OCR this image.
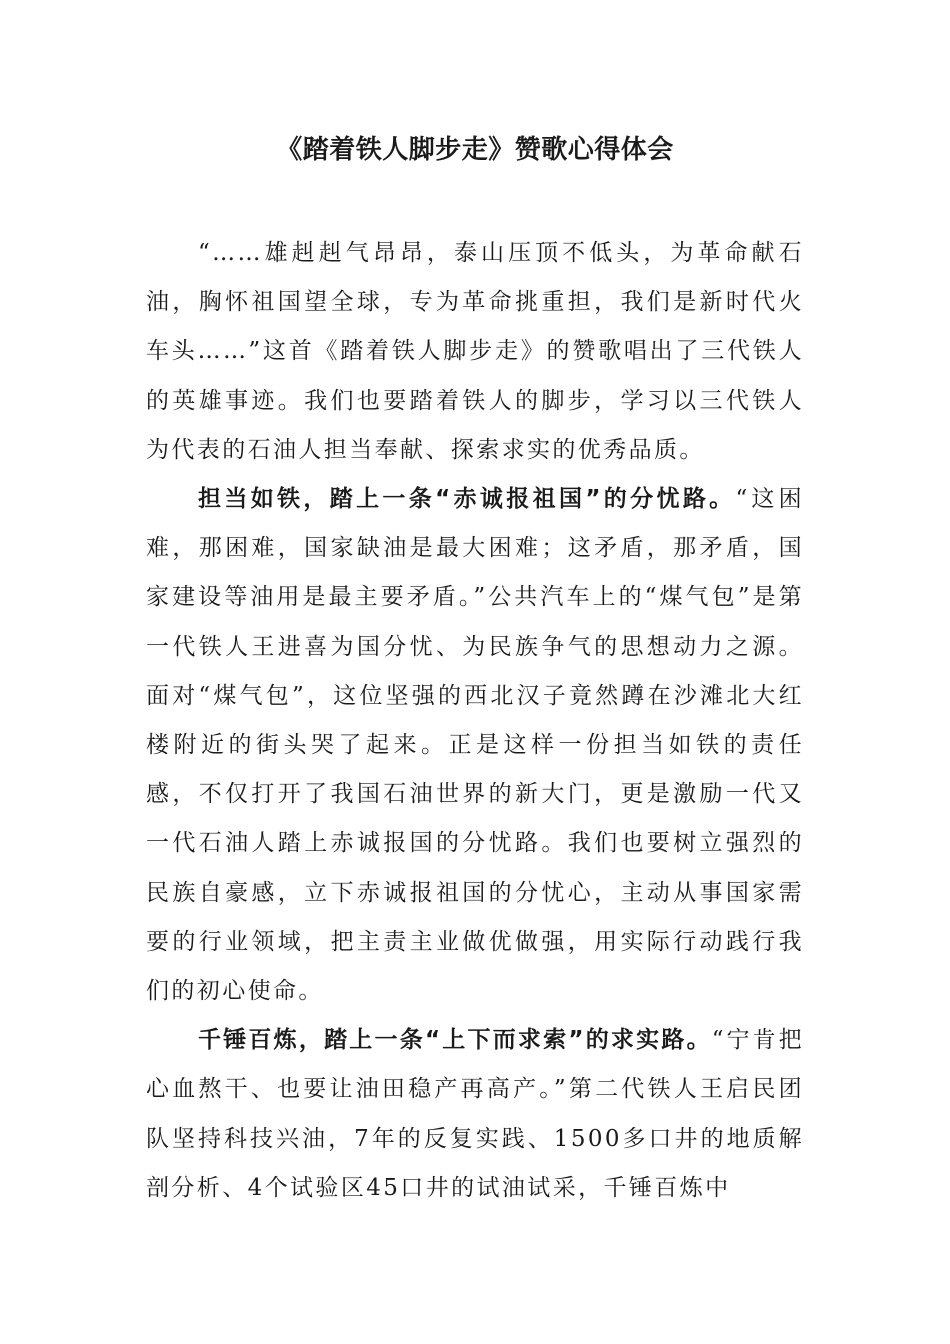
《踏着铁人脚步走》赞歌心得体会

“……雄赳赳气昂昂，泰山压顶不低头，为革命献石油，胸怀祖国望全球，专为革命挑重担，我们是新时代火车头……”这首《踏着铁人脚步走》的赞歌唱出了三代铁人的英雄事迹。我们也要踏着铁人的脚步，学习以三代铁人为代表的石油人担当奉献、探索求实的优秀品质。

担当如铁，踏上一条“赤诚报祖国”的分忧路。“这困难，那困难，国家缺油是最大困难；这矛盾，那矛盾，国家建设等油用是最主要矛盾。”公共汽车上的“煤气包”是第一代铁人王进喜为国分忧、为民族争气的思想动力之源。面对“煤气包”，这位坚强的西北汉子竟然蹲在沙滩北大红楼附近的街头哭了起来。正是这样一份担当如铁的责任感，不仅打开了我国石油世界的新大门，更是激励一代又一代石油人踏上赤诚报国的分忧路。我们也要树立强烈的民族自豪感，立下赤诚报祖国的分忧心，主动从事国家需要的行业领域，把主责主业做优做强，用实际行动践行我们的初心使命。

千锤百炼，踏上一条“上下而求索”的求实路。“宁肯把心血熬干、也要让油田稳产再高产。”第二代铁人王启民团队坚持科技兴油，7年的反复实践、1500多口井的地质解剖分析、4个试验区45口井的试油试采，千锤百炼中
